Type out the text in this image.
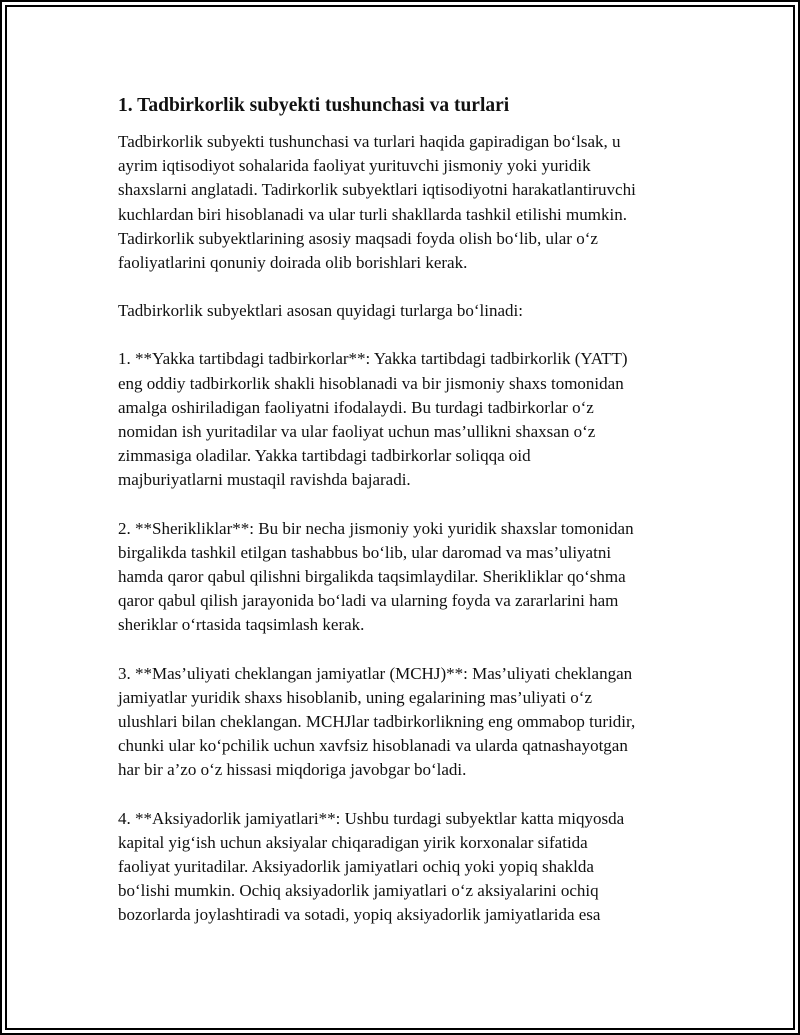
1. Tadbirkorlik subyekti tushunchasi va turlari

Tadbirkorlik subyekti tushunchasi va turlari haqida gapiradigan bo‘lsak, u
ayrim iqtisodiyot sohalarida faoliyat yurituvchi jismoniy yoki yuridik
shaxslarni anglatadi. Tadirkorlik subyektlari iqtisodiyotni harakatlantiruvchi
kuchlardan biri hisoblanadi va ular turli shakllarda tashkil etilishi mumkin.
Tadirkorlik subyektlarining asosiy maqsadi foyda olish bo‘lib, ular o‘z
faoliyatlarini qonuniy doirada olib borishlari kerak.

Tadbirkorlik subyektlari asosan quyidagi turlarga bo‘linadi:

1. **Yakka tartibdagi tadbirkorlar**: Yakka tartibdagi tadbirkorlik (YATT)
eng oddiy tadbirkorlik shakli hisoblanadi va bir jismoniy shaxs tomonidan
amalga oshiriladigan faoliyatni ifodalaydi. Bu turdagi tadbirkorlar o‘z
nomidan ish yuritadilar va ular faoliyat uchun mas’ullikni shaxsan o‘z
zimmasiga oladilar. Yakka tartibdagi tadbirkorlar soliqqa oid
majburiyatlarni mustaqil ravishda bajaradi.

2. **Sherikliklar**: Bu bir necha jismoniy yoki yuridik shaxslar tomonidan
birgalikda tashkil etilgan tashabbus bo‘lib, ular daromad va mas’uliyatni
hamda qaror qabul qilishni birgalikda taqsimlaydilar. Sherikliklar qo‘shma
qaror qabul qilish jarayonida bo‘ladi va ularning foyda va zararlarini ham
sheriklar o‘rtasida taqsimlash kerak.

3. **Mas’uliyati cheklangan jamiyatlar (MCHJ)**: Mas’uliyati cheklangan
jamiyatlar yuridik shaxs hisoblanib, uning egalarining mas’uliyati o‘z
ulushlari bilan cheklangan. MCHJlar tadbirkorlikning eng ommabop turidir,
chunki ular ko‘pchilik uchun xavfsiz hisoblanadi va ularda qatnashayotgan
har bir a’zo o‘z hissasi miqdoriga javobgar bo‘ladi.

4. **Aksiyadorlik jamiyatlari**: Ushbu turdagi subyektlar katta miqyosda
kapital yig‘ish uchun aksiyalar chiqaradigan yirik korxonalar sifatida
faoliyat yuritadilar. Aksiyadorlik jamiyatlari ochiq yoki yopiq shaklda
bo‘lishi mumkin. Ochiq aksiyadorlik jamiyatlari o‘z aksiyalarini ochiq
bozorlarda joylashtiradi va sotadi, yopiq aksiyadorlik jamiyatlarida esa
